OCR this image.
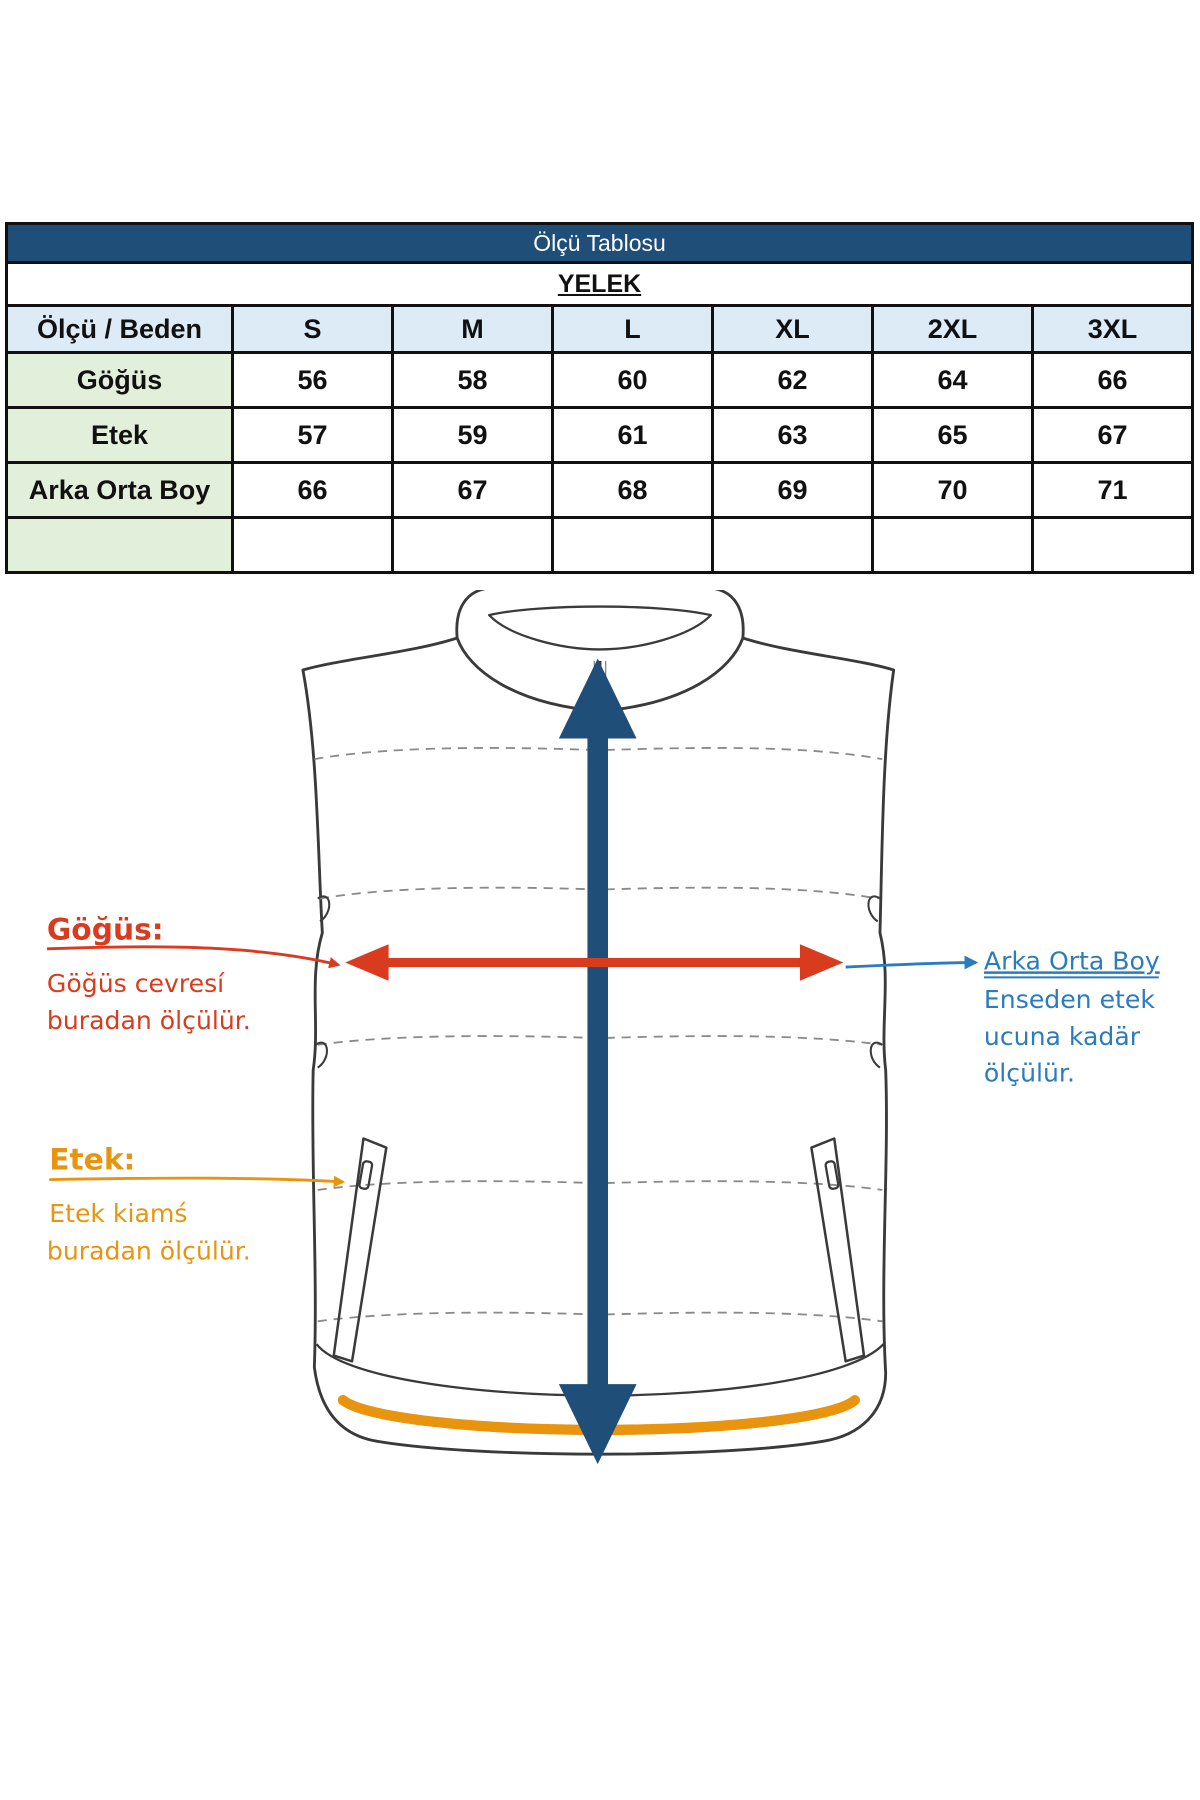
Ölçü Tablosu						
YELEK						
Ölçü / Beden	S	M	L	XL	2XL	3XL
Göğüs	56	58	60	62	64	66
Etek	57	59	61	63	65	67
Arka Orta Boy	66	67	68	69	70	71

Göğüs:
Göğüs cevresí
buradan ölçülür.
Etek:
Etek kiamś
buradan ölçülür.
Arka Orta Boy
Enseden etek
ucuna kadär
ölçülür.
